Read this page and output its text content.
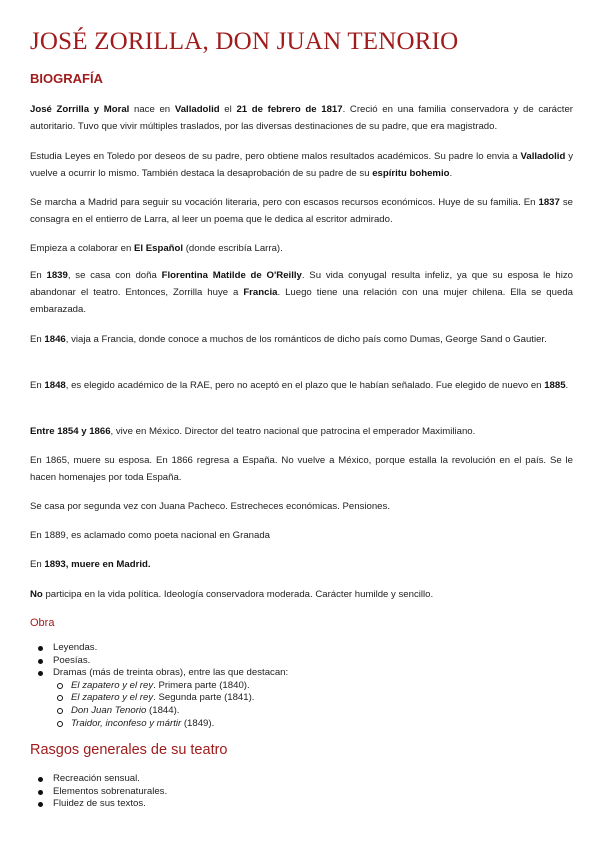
JOSÉ ZORILLA, DON JUAN TENORIO
BIOGRAFÍA

José Zorrilla y Moral nace en Valladolid el 21 de febrero de 1817. Creció en una familia conservadora y de carácter autoritario. Tuvo que vivir múltiples traslados, por las diversas destinaciones de su padre, que era magistrado.

Estudia Leyes en Toledo por deseos de su padre, pero obtiene malos resultados académicos. Su padre lo envia a Valladolid y vuelve a ocurrir lo mismo. También destaca la desaprobación de su padre de su espíritu bohemio.

Se marcha a Madrid para seguir su vocación literaria, pero con escasos recursos económicos. Huye de su familia. En 1837 se consagra en el entierro de Larra, al leer un poema que le dedica al escritor admirado.

Empieza a colaborar en El Español (donde escribía Larra).

En 1839, se casa con doña Florentina Matilde de O'Reilly. Su vida conyugal resulta infeliz, ya que su esposa le hizo abandonar el teatro. Entonces, Zorrilla huye a Francia. Luego tiene una relación con una mujer chilena. Ella se queda embarazada.

En 1846, viaja a Francia, donde conoce a muchos de los románticos de dicho país como Dumas, George Sand o Gautier.

En 1848, es elegido académico de la RAE, pero no aceptó en el plazo que le habían señalado. Fue elegido de nuevo en 1885.

Entre 1854 y 1866, vive en México. Director del teatro nacional que patrocina el emperador Maximiliano.

En 1865, muere su esposa. En 1866 regresa a España. No vuelve a México, porque estalla la revolución en el país. Se le hacen homenajes por toda España.

Se casa por segunda vez con Juana Pacheco. Estrecheces económicas. Pensiones.

En 1889, es aclamado como poeta nacional en Granada

En 1893, muere en Madrid.

No participa en la vida política. Ideología conservadora moderada. Carácter humilde y sencillo.

Obra
Leyendas.
Poesías.
Dramas (más de treinta obras), entre las que destacan:
El zapatero y el rey. Primera parte (1840).
El zapatero y el rey. Segunda parte (1841).
Don Juan Tenorio (1844).
Traidor, inconfeso y mártir (1849).
Rasgos generales de su teatro
Recreación sensual.
Elementos sobrenaturales.
Fluidez de sus textos.
